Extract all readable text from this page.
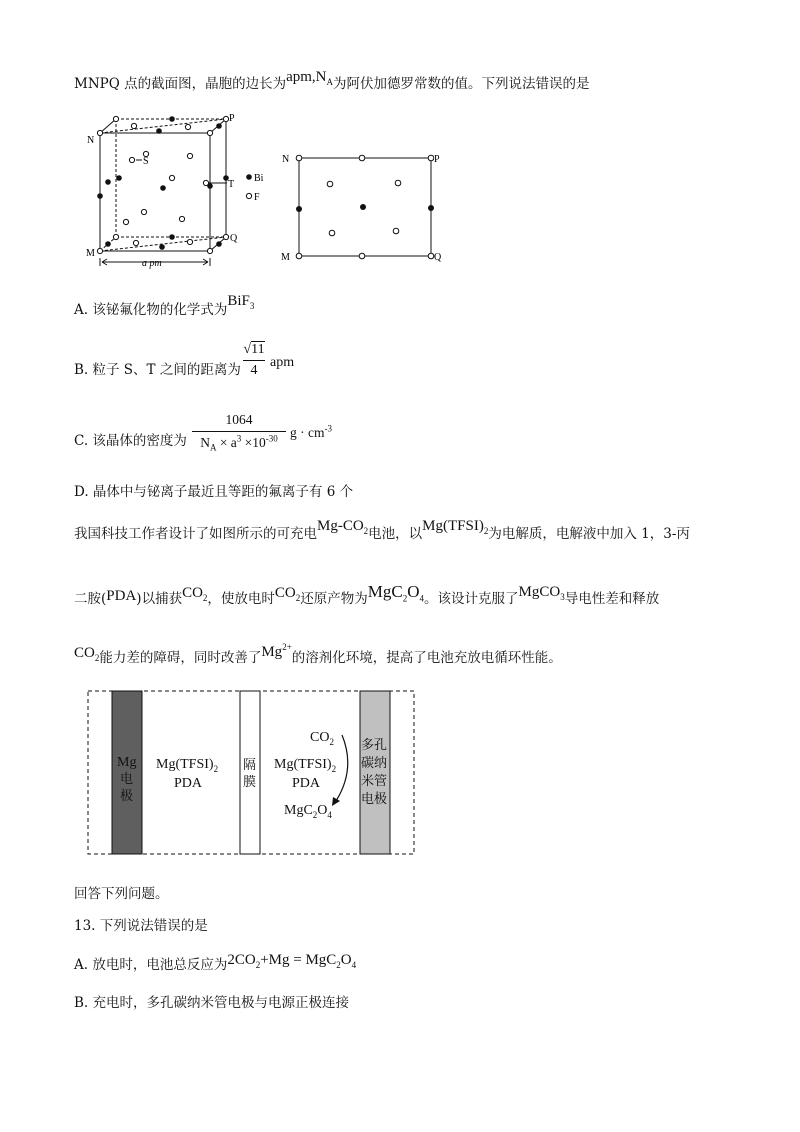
MNPQ 点的截面图，晶胞的边长为$apm,N_A$为阿伏加德罗常数的值。下列说法错误的是
P
N
M
Q
S
T
a pm
Bi
F
N	P
M	Q
A. 该铋氟化物的化学式为BiF$_3$
B. 粒子 S、T 之间的距离为 $\frac{√11}{4}$ apm
C. 该晶体的密度为 $\frac{1064}{N_A \times a^3 \times 10^{-30}}$ $g \cdot cm^{-3}$
D. 晶体中与铋离子最近且等距的氟离子有 6 个
我国科技工作者设计了如图所示的可充电$Mg-CO_2$电池，以$Mg(TFSI)_2$为电解质，电解液中加入 1，3-丙
二胺(PDA)以捕获$CO_2$，使放电时$CO_2$还原产物为$MgC_2O_4$。该设计克服了MgCO$_3$导电性差和释放
$CO_2$能力差的障碍，同时改善了$Mg^{2+}$的溶剂化环境，提高了电池充放电循环性能。
Mg
电
极
$Mg(TFSI)_2$
PDA
隔
膜
$Mg(TFSI)_2$
PDA
$CO_2$
$MgC_2O_4$
多孔
碳纳
米管
电极
回答下列问题。
13. 下列说法错误的是
A. 放电时，电池总反应为$2CO_2+Mg = MgC_2O_4$
B. 充电时，多孔碳纳米管电极与电源正极连接
